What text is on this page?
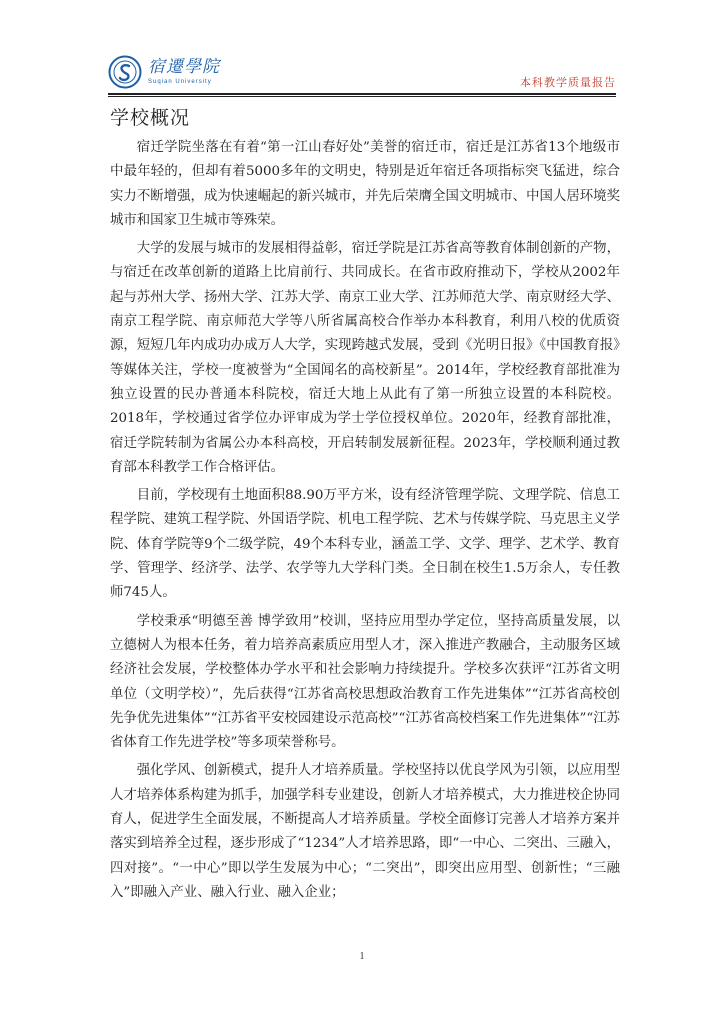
宿遷學院
Suqian University	本科教学质量报告
学校概况

宿迁学院坐落在有着“第一江山春好处”美誉的宿迁市，宿迁是江苏省13个地级市中最年轻的，但却有着5000多年的文明史，特别是近年宿迁各项指标突飞猛进，综合实力不断增强，成为快速崛起的新兴城市，并先后荣膺全国文明城市、中国人居环境奖城市和国家卫生城市等殊荣。

大学的发展与城市的发展相得益彰，宿迁学院是江苏省高等教育体制创新的产物，与宿迁在改革创新的道路上比肩前行、共同成长。在省市政府推动下，学校从2002年起与苏州大学、扬州大学、江苏大学、南京工业大学、江苏师范大学、南京财经大学、南京工程学院、南京师范大学等八所省属高校合作举办本科教育，利用八校的优质资源，短短几年内成功办成万人大学，实现跨越式发展，受到《光明日报》《中国教育报》等媒体关注，学校一度被誉为“全国闻名的高校新星”。2014年，学校经教育部批准为独立设置的民办普通本科院校，宿迁大地上从此有了第一所独立设置的本科院校。2018年，学校通过省学位办评审成为学士学位授权单位。2020年，经教育部批准，宿迁学院转制为省属公办本科高校，开启转制发展新征程。2023年，学校顺利通过教育部本科教学工作合格评估。

目前，学校现有土地面积88.90万平方米，设有经济管理学院、文理学院、信息工程学院、建筑工程学院、外国语学院、机电工程学院、艺术与传媒学院、马克思主义学院、体育学院等9个二级学院，49个本科专业，涵盖工学、文学、理学、艺术学、教育学、管理学、经济学、法学、农学等九大学科门类。全日制在校生1.5万余人，专任教师745人。

学校秉承“明德至善 博学致用”校训，坚持应用型办学定位，坚持高质量发展，以立德树人为根本任务，着力培养高素质应用型人才，深入推进产教融合，主动服务区域经济社会发展，学校整体办学水平和社会影响力持续提升。学校多次获评“江苏省文明单位（文明学校）”，先后获得“江苏省高校思想政治教育工作先进集体”“江苏省高校创先争优先进集体”“江苏省平安校园建设示范高校”“江苏省高校档案工作先进集体”“江苏省体育工作先进学校”等多项荣誉称号。

强化学风、创新模式，提升人才培养质量。学校坚持以优良学风为引领，以应用型人才培养体系构建为抓手，加强学科专业建设，创新人才培养模式，大力推进校企协同育人，促进学生全面发展，不断提高人才培养质量。学校全面修订完善人才培养方案并落实到培养全过程，逐步形成了“1234”人才培养思路，即“一中心、二突出、三融入，四对接”。“一中心”即以学生发展为中心；“二突出”，即突出应用型、创新性；“三融入”即融入产业、融入行业、融入企业；

1
